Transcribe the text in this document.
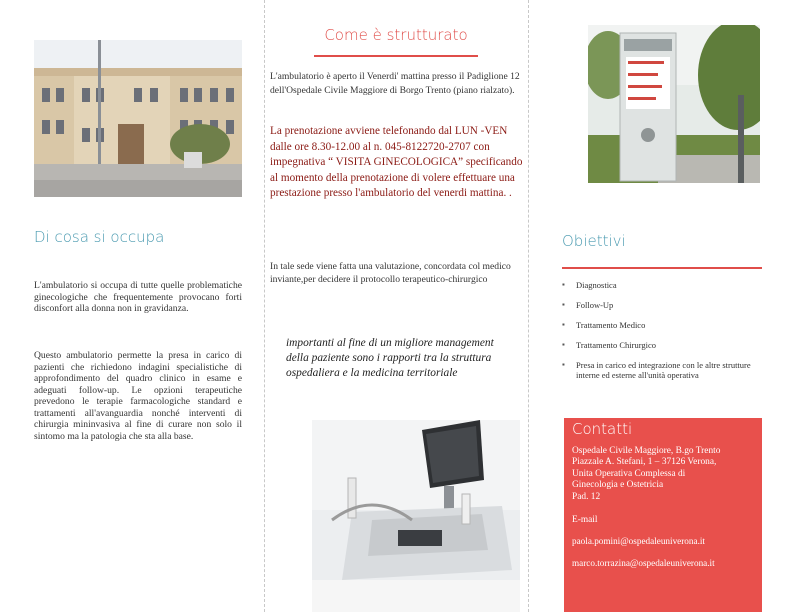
Di cosa si occupa
L'ambulatorio si occupa di tutte quelle problematiche ginecologiche che frequentemente provocano forti disconfort alla donna non in gravidanza.
Questo ambulatorio permette la presa in carico di pazienti che richiedono indagini specialistiche di approfondimento del quadro clinico in esame e adeguati follow-up. Le opzioni terapeutiche prevedono le terapie farmacologiche standard e trattamenti all'avanguardia nonché interventi di chirurgia mininvasiva al fine di curare non solo il sintomo ma la patologia che sta alla base.
Come è strutturato
L'ambulatorio è aperto il Venerdi' mattina presso il Padiglione 12 dell'Ospedale Civile Maggiore di Borgo Trento (piano rialzato).
La prenotazione avviene telefonando dal LUN -VEN dalle ore 8.30-12.00 al n. 045-8122720-2707 con impegnativa “ VISITA GINECOLOGICA” specificando al momento della prenotazione di volere effettuare una prestazione presso l'ambulatorio del venerdi mattina. .
In tale sede viene fatta una valutazione, concordata col medico inviante,per decidere il protocollo terapeutico-chirurgico
importanti al fine di un migliore management della paziente sono i rapporti tra la struttura ospedaliera e la medicina territoriale
Obiettivi
▪ Diagnostica
▪ Follow-Up
▪ Trattamento Medico
▪ Trattamento Chirurgico
▪ Presa in carico ed integrazione con le altre strutture interne ed esterne all'unità operativa
Contatti
Ospedale Civile Maggiore, B.go Trento
Piazzale A. Stefani, 1 – 37126 Verona,
Unita Operativa Complessa di
Ginecologia e Ostetricia
Pad. 12
E-mail
paola.pomini@ospedaleuniverona.it
marco.torrazina@ospedaleuniverona.it
